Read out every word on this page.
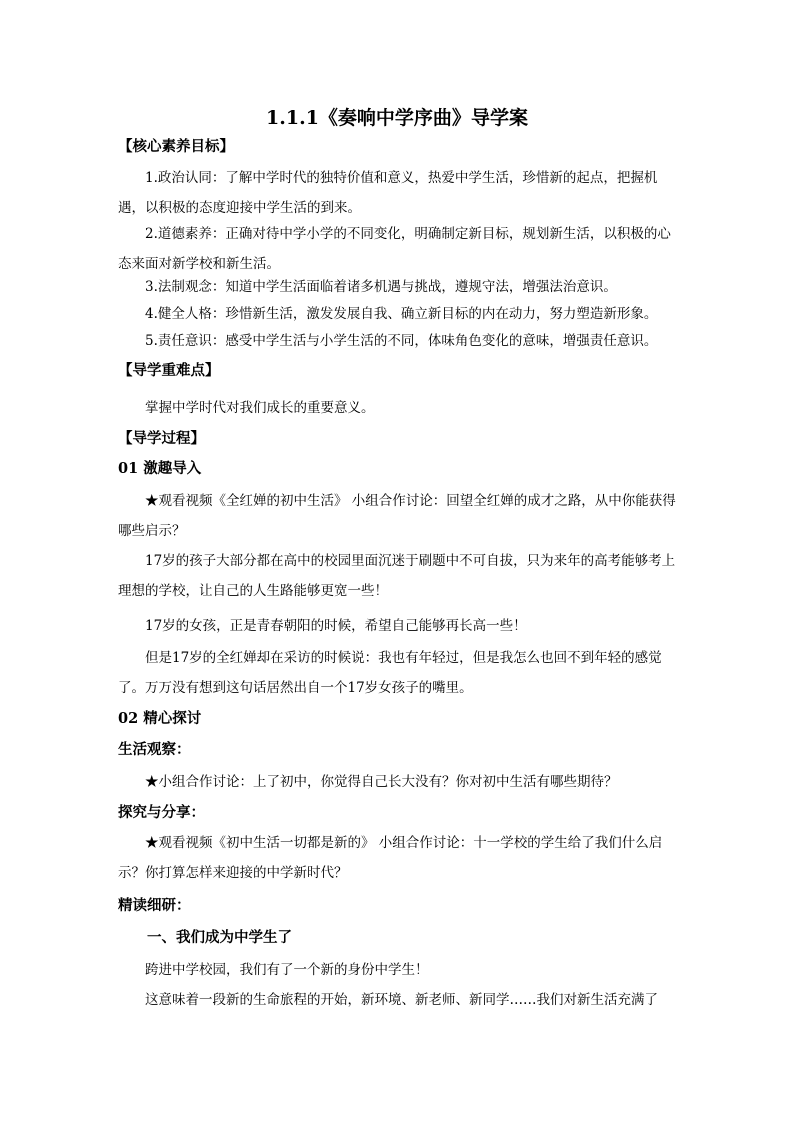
1.1.1《奏响中学序曲》导学案
【核心素养目标】
1.政治认同：了解中学时代的独特价值和意义，热爱中学生活，珍惜新的起点，把握机遇，以积极的态度迎接中学生活的到来。
2.道德素养：正确对待中学小学的不同变化，明确制定新目标，规划新生活，以积极的心态来面对新学校和新生活。
3.法制观念：知道中学生活面临着诸多机遇与挑战，遵规守法，增强法治意识。
4.健全人格：珍惜新生活，激发发展自我、确立新目标的内在动力，努力塑造新形象。
5.责任意识：感受中学生活与小学生活的不同，体味角色变化的意味，增强责任意识。
【导学重难点】
掌握中学时代对我们成长的重要意义。
【导学过程】
01 激趣导入
★观看视频《全红婵的初中生活》 小组合作讨论：回望全红婵的成才之路，从中你能获得哪些启示？
17岁的孩子大部分都在高中的校园里面沉迷于刷题中不可自拔，只为来年的高考能够考上理想的学校，让自己的人生路能够更宽一些！
17岁的女孩，正是青春朝阳的时候，希望自己能够再长高一些！
但是17岁的全红婵却在采访的时候说：我也有年轻过，但是我怎么也回不到年轻的感觉了。万万没有想到这句话居然出自一个17岁女孩子的嘴里。
02 精心探讨
生活观察：
★小组合作讨论：上了初中，你觉得自己长大没有？你对初中生活有哪些期待？
探究与分享：
★观看视频《初中生活一切都是新的》 小组合作讨论：十一学校的学生给了我们什么启示？你打算怎样来迎接的中学新时代？
精读细研：
一、我们成为中学生了
跨进中学校园，我们有了一个新的身份中学生！
这意味着一段新的生命旅程的开始，新环境、新老师、新同学……我们对新生活充满了
